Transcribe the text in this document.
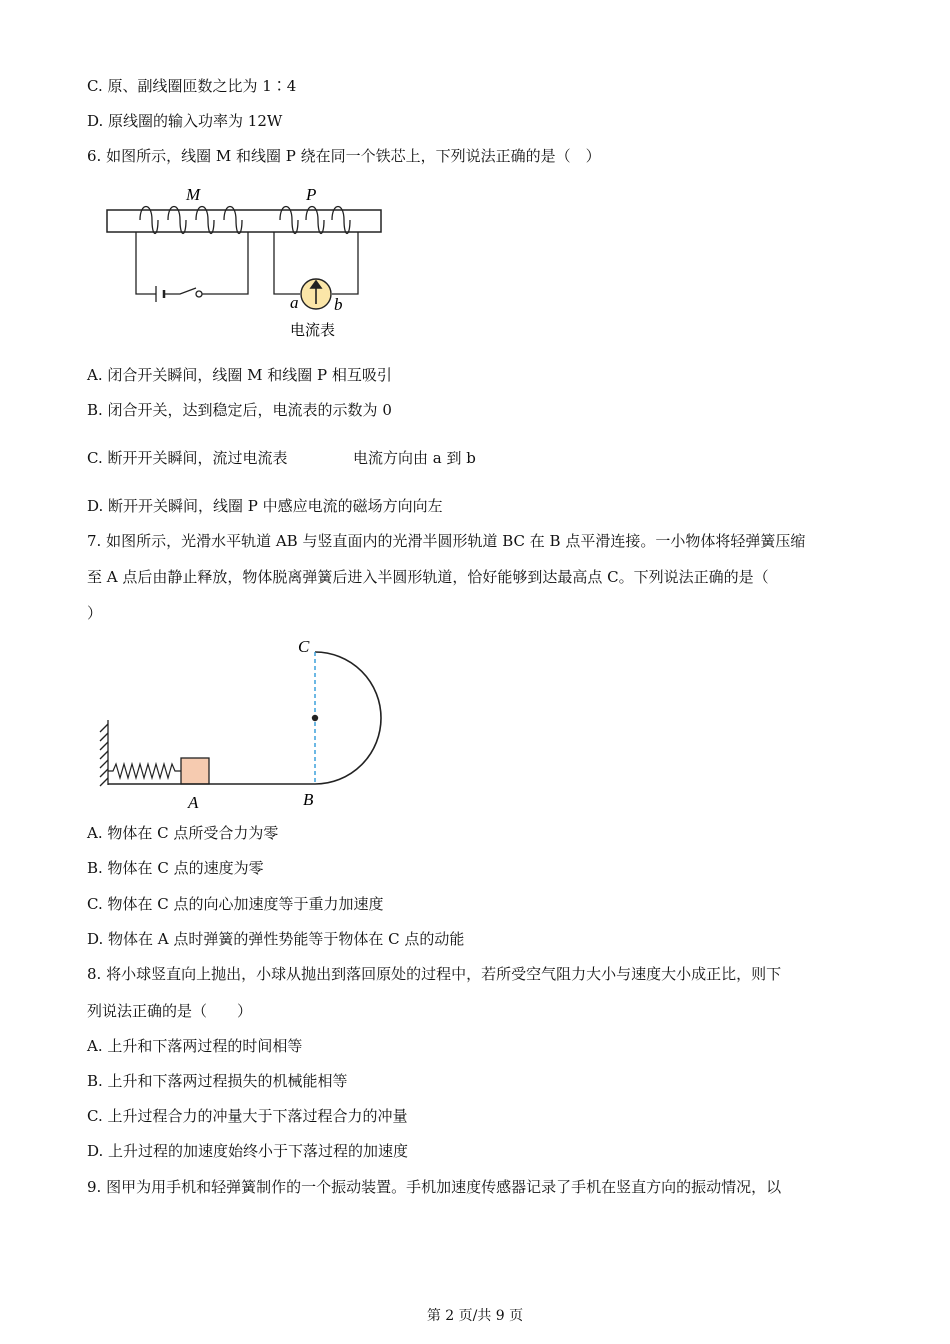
C. 原、副线圈匝数之比为 1∶4
D. 原线圈的输入功率为 12W
6. 如图所示，线圈 M 和线圈 P 绕在同一个铁芯上，下列说法正确的是（　）
M	P
a b
电流表
A. 闭合开关瞬间，线圈 M 和线圈 P 相互吸引
B. 闭合开关，达到稳定后，电流表的示数为 0
C. 断开开关瞬间，流过电流表	电流方向由 a 到 b
D. 断开开关瞬间，线圈 P 中感应电流的磁场方向向左
7. 如图所示，光滑水平轨道 AB 与竖直面内的光滑半圆形轨道 BC 在 B 点平滑连接。一小物体将轻弹簧压缩
至 A 点后由静止释放，物体脱离弹簧后进入半圆形轨道，恰好能够到达最高点 C。下列说法正确的是（
）
C
A	B
A. 物体在 C 点所受合力为零
B. 物体在 C 点的速度为零
C. 物体在 C 点的向心加速度等于重力加速度
D. 物体在 A 点时弹簧的弹性势能等于物体在 C 点的动能
8. 将小球竖直向上抛出，小球从抛出到落回原处的过程中，若所受空气阻力大小与速度大小成正比，则下
列说法正确的是（　　）
A. 上升和下落两过程的时间相等
B. 上升和下落两过程损失的机械能相等
C. 上升过程合力的冲量大于下落过程合力的冲量
D. 上升过程的加速度始终小于下落过程的加速度
9. 图甲为用手机和轻弹簧制作的一个振动装置。手机加速度传感器记录了手机在竖直方向的振动情况，以
第 2 页/共 9 页
